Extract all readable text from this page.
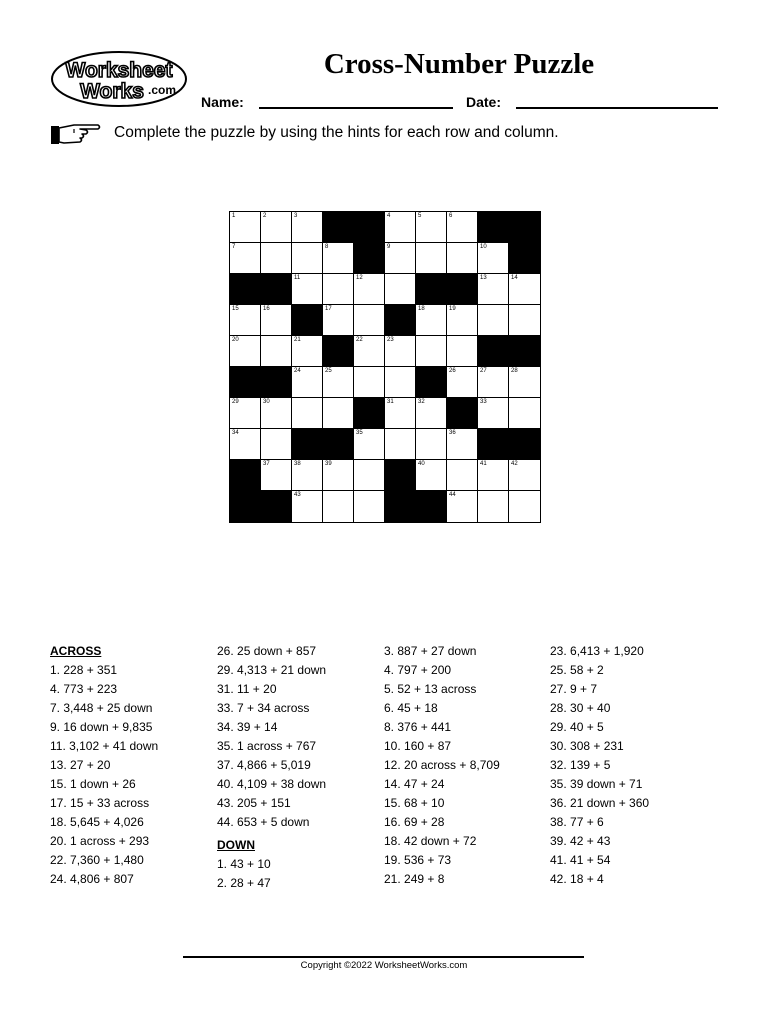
Worksheet
Works .com
Cross-Number Puzzle
Name:	Date:
Complete the puzzle by using the hints for each row and column.
1	2	3	4	5	6
7	8	9	10
11	12	13	14
15	16	17	18	19
20	21	22	23
24	25	26	27	28
29	30	31	32	33
34	35	36
37	38	39	40	41	42
43	44
ACROSS
1. 228 + 351
4. 773 + 223
7. 3,448 + 25 down
9. 16 down + 9,835
11. 3,102 + 41 down
13. 27 + 20
15. 1 down + 26
17. 15 + 33 across
18. 5,645 + 4,026
20. 1 across + 293
22. 7,360 + 1,480
24. 4,806 + 807
26. 25 down + 857
29. 4,313 + 21 down
31. 11 + 20
33. 7 + 34 across
34. 39 + 14
35. 1 across + 767
37. 4,866 + 5,019
40. 4,109 + 38 down
43. 205 + 151
44. 653 + 5 down
DOWN
1. 43 + 10
2. 28 + 47
3. 887 + 27 down
4. 797 + 200
5. 52 + 13 across
6. 45 + 18
8. 376 + 441
10. 160 + 87
12. 20 across + 8,709
14. 47 + 24
15. 68 + 10
16. 69 + 28
18. 42 down + 72
19. 536 + 73
21. 249 + 8
23. 6,413 + 1,920
25. 58 + 2
27. 9 + 7
28. 30 + 40
29. 40 + 5
30. 308 + 231
32. 139 + 5
35. 39 down + 71
36. 21 down + 360
38. 77 + 6
39. 42 + 43
41. 41 + 54
42. 18 + 4
Copyright ©2022 WorksheetWorks.com
